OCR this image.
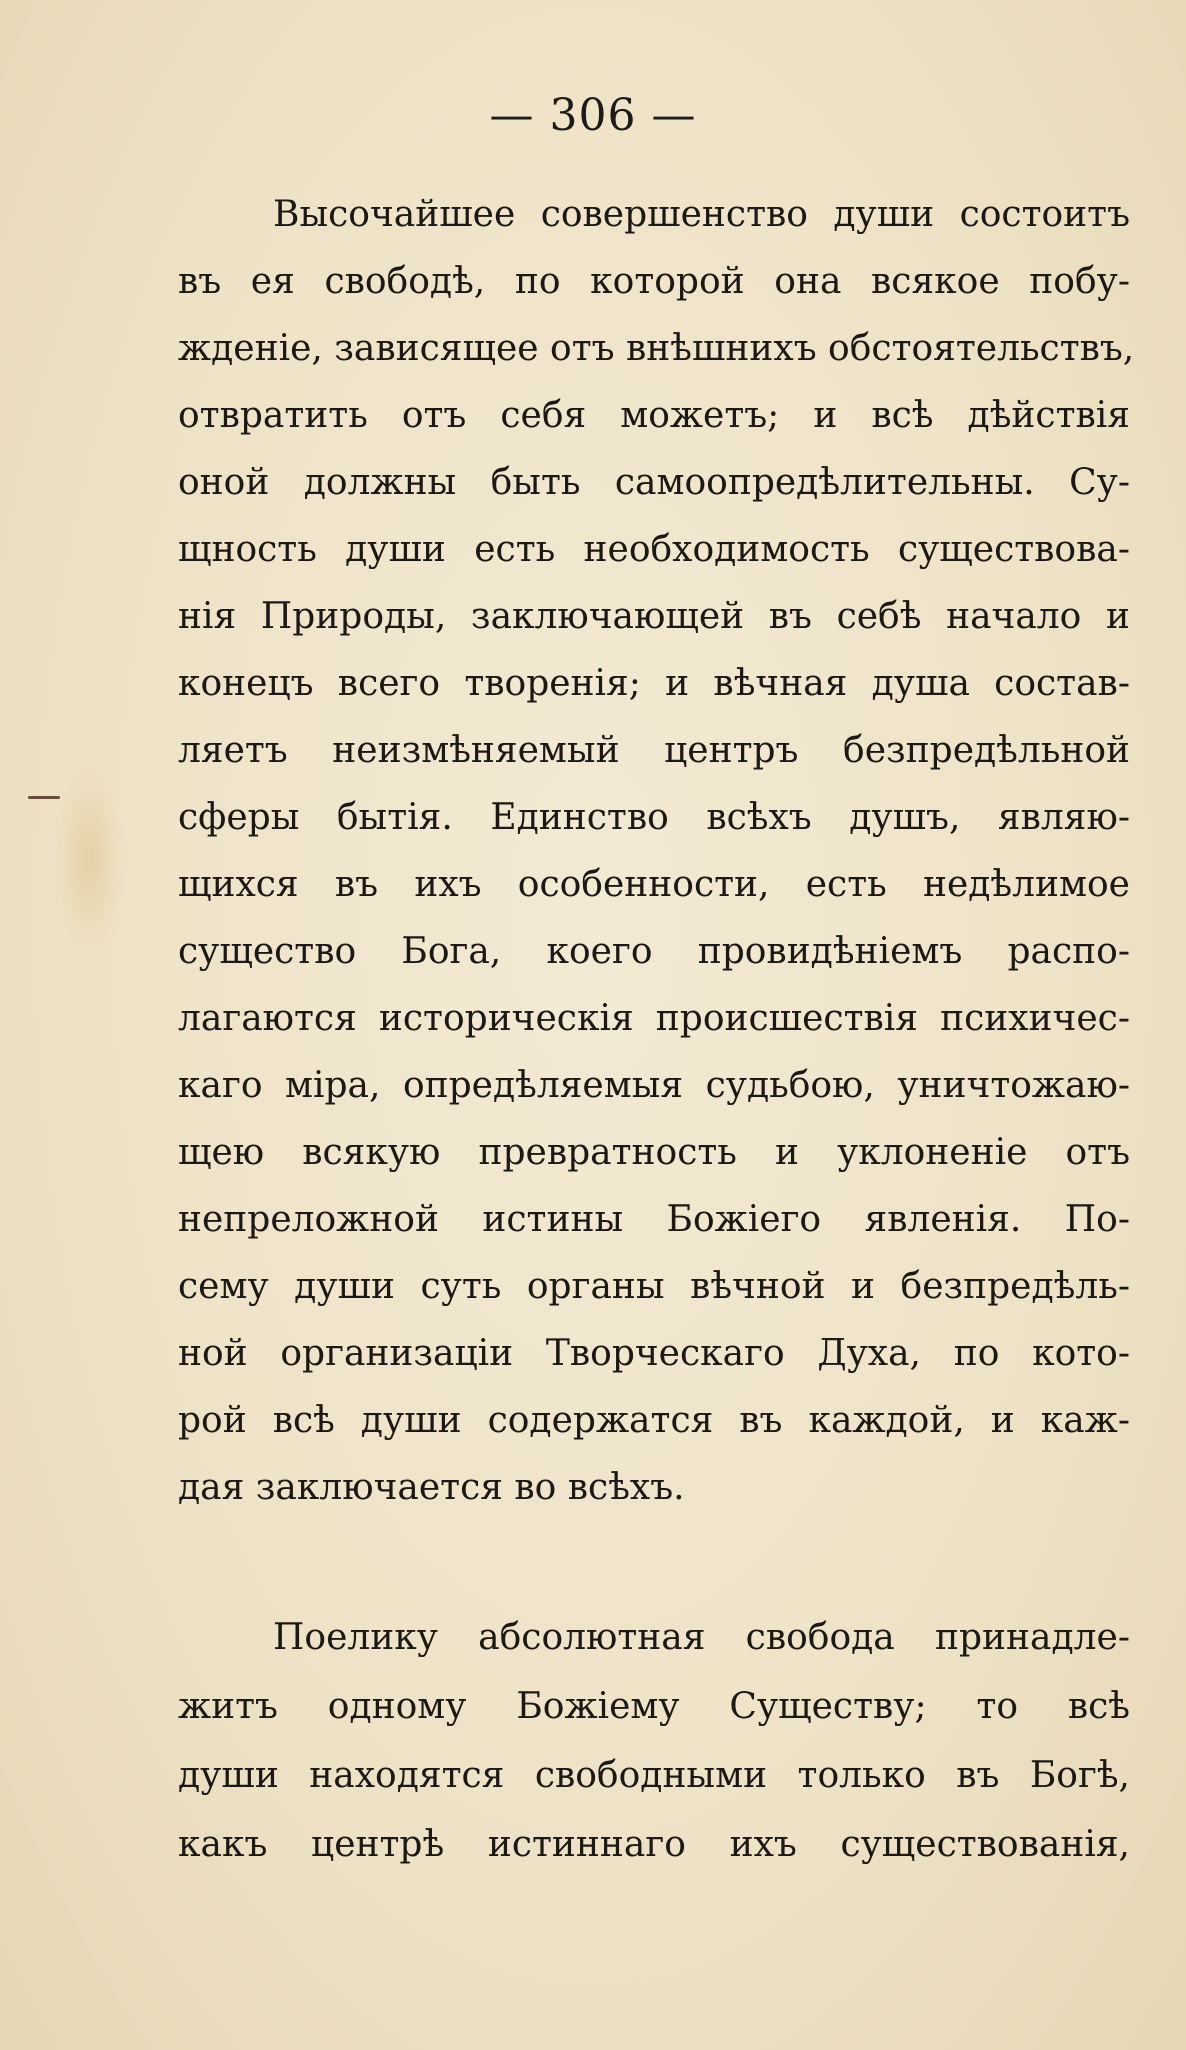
— 306 —
Высочайшее совершенство души состоитъ
въ ея свободѣ, по которой она всякое побу-
жденіе, зависящее отъ внѣшнихъ обстоятельствъ,
отвратить отъ себя можетъ; и всѣ дѣйствія
оной должны быть самоопредѣлительны. Су-
щность души есть необходимость существова-
нія Природы, заключающей въ себѣ начало и
конецъ всего творенія; и вѣчная душа состав-
ляетъ неизмѣняемый центръ безпредѣльной
сферы бытія. Единство всѣхъ душъ, являю-
щихся въ ихъ особенности, есть недѣлимое
существо Бога, коего провидѣніемъ распо-
лагаются историческія происшествія психичес-
каго міра, опредѣляемыя судьбою, уничтожаю-
щею всякую превратность и уклоненіе отъ
непреложной истины Божіего явленія. По-
сему души суть органы вѣчной и безпредѣль-
ной организаціи Творческаго Духа, по кото-
рой всѣ души содержатся въ каждой, и каж-
дая заключается во всѣхъ.
Поелику абсолютная свобода принадле-
житъ одному Божіему Существу; то всѣ
души находятся свободными только въ Богѣ,
какъ центрѣ истиннаго ихъ существованія,
